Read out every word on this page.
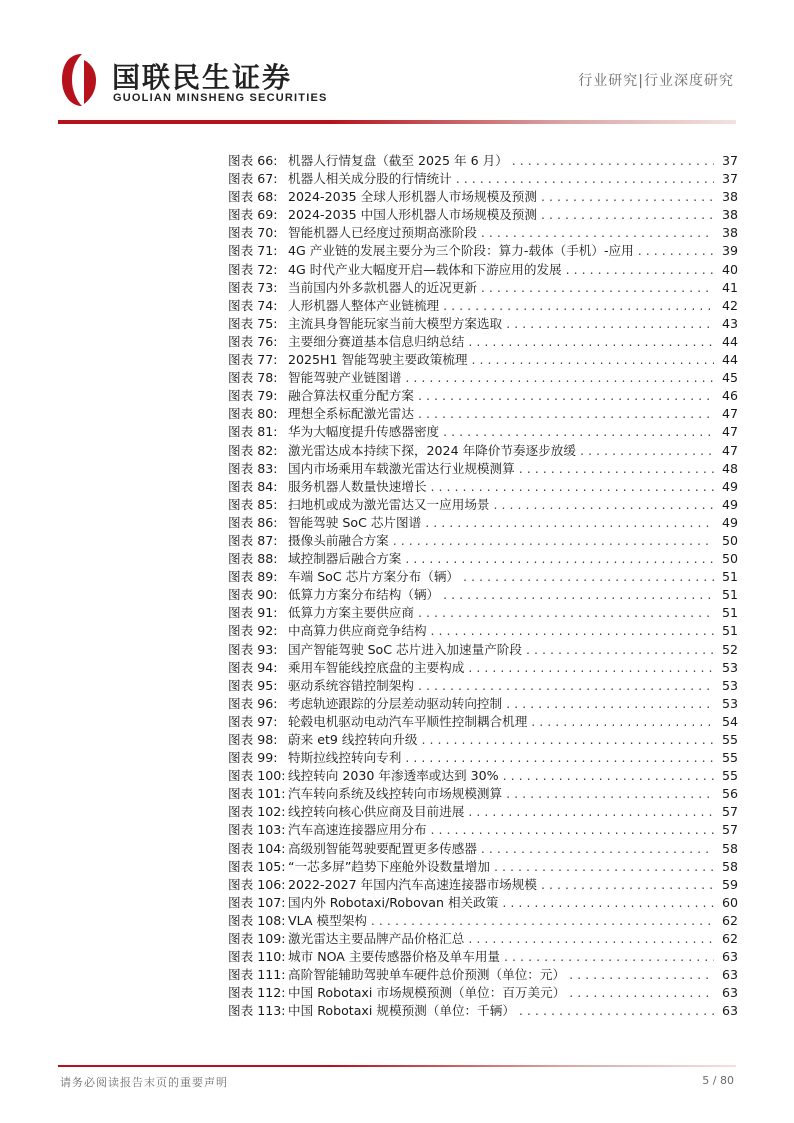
国联民生证券
GUOLIAN MINSHENG SECURITIES
行业研究|行业深度研究
图表 66: 机器人行情复盘（截至 2025 年 6 月） . . .	37
图表 67: 机器人相关成分股的行情统计 . . .	37
图表 68: 2024-2035 全球人形机器人市场规模及预测 . . .	38
图表 69: 2024-2035 中国人形机器人市场规模及预测 . . .	38
图表 70: 智能机器人已经度过预期高涨阶段 . . .	38
图表 71: 4G 产业链的发展主要分为三个阶段：算力-载体（手机）-应用 . . .	39
图表 72: 4G 时代产业大幅度开启—载体和下游应用的发展 . . .	40
图表 73: 当前国内外多款机器人的近况更新 . . .	41
图表 74: 人形机器人整体产业链梳理 . . .	42
图表 75: 主流具身智能玩家当前大模型方案选取 . . .	43
图表 76: 主要细分赛道基本信息归纳总结 . . .	44
图表 77: 2025H1 智能驾驶主要政策梳理 . . .	44
图表 78: 智能驾驶产业链图谱 . . .	45
图表 79: 融合算法权重分配方案 . . .	46
图表 80: 理想全系标配激光雷达 . . .	47
图表 81: 华为大幅度提升传感器密度 . . .	47
图表 82: 激光雷达成本持续下探，2024 年降价节奏逐步放缓 . . .	47
图表 83: 国内市场乘用车载激光雷达行业规模测算 . . .	48
图表 84: 服务机器人数量快速增长 . . .	49
图表 85: 扫地机或成为激光雷达又一应用场景 . . .	49
图表 86: 智能驾驶 SoC 芯片图谱 . . .	49
图表 87: 摄像头前融合方案 . . .	50
图表 88: 域控制器后融合方案 . . .	50
图表 89: 车端 SoC 芯片方案分布（辆） . . .	51
图表 90: 低算力方案分布结构（辆） . . .	51
图表 91: 低算力方案主要供应商 . . .	51
图表 92: 中高算力供应商竞争结构 . . .	51
图表 93: 国产智能驾驶 SoC 芯片进入加速量产阶段 . . .	52
图表 94: 乘用车智能线控底盘的主要构成 . . .	53
图表 95: 驱动系统容错控制架构 . . .	53
图表 96: 考虑轨迹跟踪的分层差动驱动转向控制 . . .	53
图表 97: 轮毂电机驱动电动汽车平顺性控制耦合机理 . . .	54
图表 98: 蔚来 et9 线控转向升级 . . .	55
图表 99: 特斯拉线控转向专利 . . .	55
图表 100: 线控转向 2030 年渗透率或达到 30% . . .	55
图表 101: 汽车转向系统及线控转向市场规模测算 . . .	56
图表 102: 线控转向核心供应商及目前进展 . . .	57
图表 103: 汽车高速连接器应用分布 . . .	57
图表 104: 高级别智能驾驶要配置更多传感器 . . .	58
图表 105: “一芯多屏”趋势下座舱外设数量增加 . . .	58
图表 106: 2022-2027 年国内汽车高速连接器市场规模 . . .	59
图表 107: 国内外 Robotaxi/Robovan 相关政策 . . .	60
图表 108: VLA 模型架构 . . .	62
图表 109: 激光雷达主要品牌产品价格汇总 . . .	62
图表 110: 城市 NOA 主要传感器价格及单车用量 . . .	63
图表 111: 高阶智能辅助驾驶单车硬件总价预测（单位：元） . . .	63
图表 112: 中国 Robotaxi 市场规模预测（单位：百万美元） . . .	63
图表 113: 中国 Robotaxi 规模预测（单位：千辆） . . .	63
请务必阅读报告末页的重要声明	5 / 80
